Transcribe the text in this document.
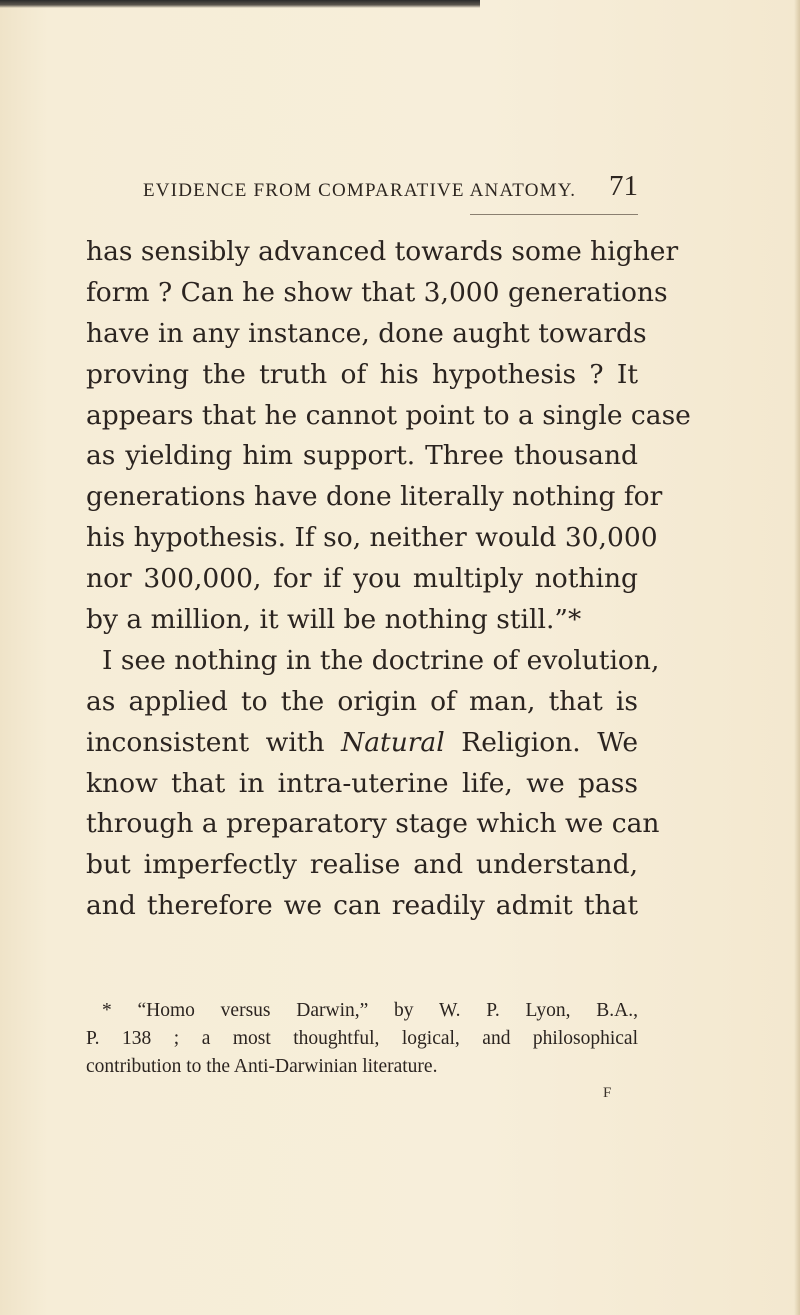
EVIDENCE FROM COMPARATIVE ANATOMY. 71
has sensibly advanced towards some higher
form ? Can he show that 3,000 generations
have in any instance, done aught towards
proving the truth of his hypothesis ? It
appears that he cannot point to a single case
as yielding him support. Three thousand
generations have done literally nothing for
his hypothesis. If so, neither would 30,000
nor 300,000, for if you multiply nothing
by a million, it will be nothing still.”*
I see nothing in the doctrine of evolution,
as applied to the origin of man, that is
inconsistent with Natural Religion. We
know that in intra-uterine life, we pass
through a preparatory stage which we can
but imperfectly realise and understand,
and therefore we can readily admit that
* “Homo versus Darwin,” by W. P. Lyon, B.A.,
P. 138 ; a most thoughtful, logical, and philosophical
contribution to the Anti-Darwinian literature.
F
